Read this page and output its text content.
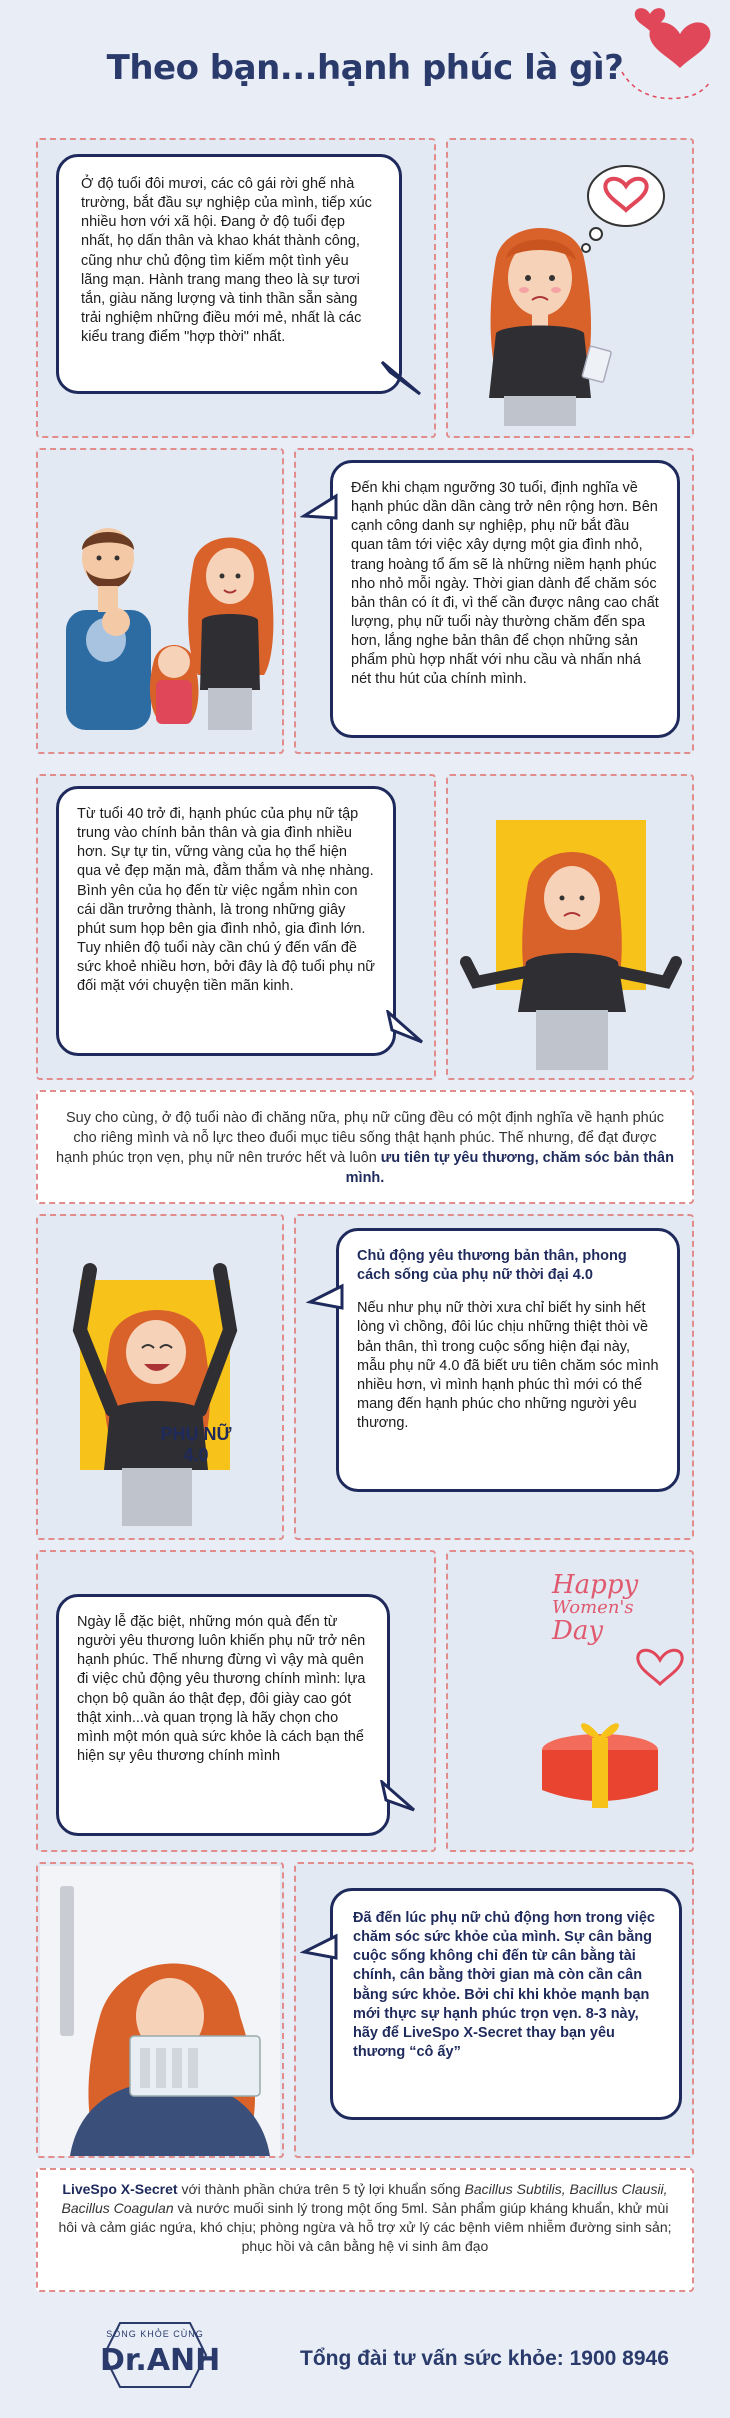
Theo bạn...hạnh phúc là gì?

Ở độ tuổi đôi mươi, các cô gái rời ghế nhà trường, bắt đầu sự nghiệp của mình, tiếp xúc nhiều hơn với xã hội. Đang ở độ tuổi đẹp nhất, họ dấn thân và khao khát thành công, cũng như chủ động tìm kiếm một tình yêu lãng mạn. Hành trang mang theo là sự tươi tắn, giàu năng lượng và tinh thần sẵn sàng trải nghiệm những điều mới mẻ, nhất là các kiểu trang điểm "hợp thời" nhất.

Đến khi chạm ngưỡng 30 tuổi, định nghĩa về hạnh phúc dần dần càng trở nên rộng hơn. Bên cạnh công danh sự nghiệp, phụ nữ bắt đầu quan tâm tới việc xây dựng một gia đình nhỏ, trang hoàng tổ ấm sẽ là những niềm hạnh phúc nho nhỏ mỗi ngày. Thời gian dành để chăm sóc bản thân có ít đi, vì thế cần được nâng cao chất lượng, phụ nữ tuổi này thường chăm đến spa hơn, lắng nghe bản thân để chọn những sản phẩm phù hợp nhất với nhu cầu và nhấn nhá nét thu hút của chính mình.

Từ tuổi 40 trở đi, hạnh phúc của phụ nữ tập trung vào chính bản thân và gia đình nhiều hơn. Sự tự tin, vững vàng của họ thể hiện qua vẻ đẹp mặn mà, đằm thắm và nhẹ nhàng. Bình yên của họ đến từ việc ngắm nhìn con cái dần trưởng thành, là trong những giây phút sum họp bên gia đình nhỏ, gia đình lớn. Tuy nhiên độ tuổi này cần chú ý đến vấn đề sức khoẻ nhiều hơn, bởi đây là độ tuổi phụ nữ đối mặt với chuyện tiền mãn kinh.

Suy cho cùng, ở độ tuổi nào đi chăng nữa, phụ nữ cũng đều có một định nghĩa về hạnh phúc cho riêng mình và nỗ lực theo đuổi mục tiêu sống thật hạnh phúc. Thế nhưng, để đạt được hạnh phúc trọn vẹn, phụ nữ nên trước hết và luôn ưu tiên tự yêu thương, chăm sóc bản thân mình.
PHỤ NỮ
4.0

Chủ động yêu thương bản thân, phong cách sống của phụ nữ thời đại 4.0

Nếu như phụ nữ thời xưa chỉ biết hy sinh hết lòng vì chồng, đôi lúc chịu những thiệt thòi về bản thân, thì trong cuộc sống hiện đại này, mẫu phụ nữ 4.0 đã biết ưu tiên chăm sóc mình nhiều hơn, vì mình hạnh phúc thì mới có thể mang đến hạnh phúc cho những người yêu thương.

Ngày lễ đặc biệt, những món quà đến từ người yêu thương luôn khiến phụ nữ trở nên hạnh phúc. Thế nhưng đừng vì vậy mà quên đi việc chủ động yêu thương chính mình: lựa chọn bộ quần áo thật đẹp, đôi giày cao gót thật xinh...và quan trọng là hãy chọn cho mình một món quà sức khỏe là cách bạn thể hiện sự yêu thương chính mình

Happy
Women's
Day

Đã đến lúc phụ nữ chủ động hơn trong việc chăm sóc sức khỏe của mình. Sự cân bằng cuộc sống không chỉ đến từ cân bằng tài chính, cân bằng thời gian mà còn cần cân bằng sức khỏe. Bởi chỉ khi khỏe mạnh bạn mới thực sự hạnh phúc trọn vẹn. 8-3 này, hãy để LiveSpo X-Secret thay bạn yêu thương “cô ấy”

LiveSpo X-Secret với thành phần chứa trên 5 tỷ lợi khuẩn sống Bacillus Subtilis, Bacillus Clausii, Bacillus Coagulan và nước muối sinh lý trong một ống 5ml. Sản phẩm giúp kháng khuẩn, khử mùi hôi và cảm giác ngứa, khó chịu; phòng ngừa và hỗ trợ xử lý các bệnh viêm nhiễm đường sinh sản; phục hồi và cân bằng hệ vi sinh âm đạo
SỐNG KHỎE CÙNG
Dr.ANH	Tổng đài tư vấn sức khỏe: 1900 8946
